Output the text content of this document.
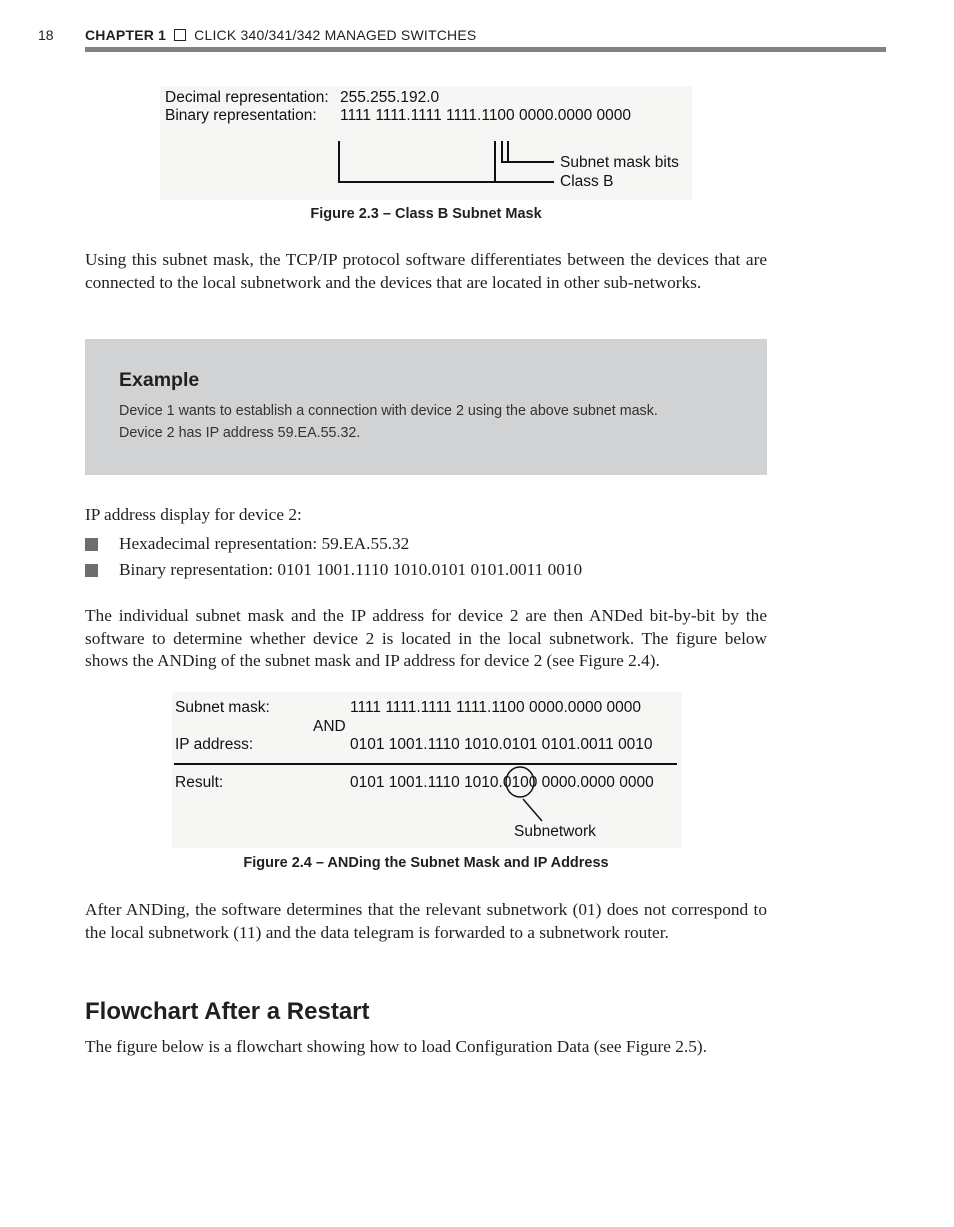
18 CHAPTER 1 CLICK 340/341/342 MANAGED SWITCHES
Decimal representation: 255.255.192.0
Binary representation: 1111 1111.1111 1111.1100 0000.0000 0000
Subnet mask bits
Class B
Figure 2.3 – Class B Subnet Mask
Using this subnet mask, the TCP/IP protocol software differentiates between the devices that are connected to the local subnetwork and the devices that are located in other sub-networks.
Example
Device 1 wants to establish a connection with device 2 using the above subnet mask.
Device 2 has IP address 59.EA.55.32.
IP address display for device 2:
Hexadecimal representation: 59.EA.55.32
Binary representation: 0101 1001.1110 1010.0101 0101.0011 0010
The individual subnet mask and the IP address for device 2 are then ANDed bit-by-bit by the software to determine whether device 2 is located in the local subnetwork. The figure below shows the ANDing of the subnet mask and IP address for device 2 (see Figure 2.4).
Subnet mask:	1111 1111.1111 1111.1100 0000.0000 0000
AND
IP address:	0101 1001.1110 1010.0101 0101.0011 0010
Result:	0101 1001.1110 1010.0100 0000.0000 0000
Subnetwork
Figure 2.4 – ANDing the Subnet Mask and IP Address
After ANDing, the software determines that the relevant subnetwork (01) does not correspond to the local subnetwork (11) and the data telegram is forwarded to a subnetwork router.
Flowchart After a Restart
The figure below is a flowchart showing how to load Configuration Data (see Figure 2.5).
